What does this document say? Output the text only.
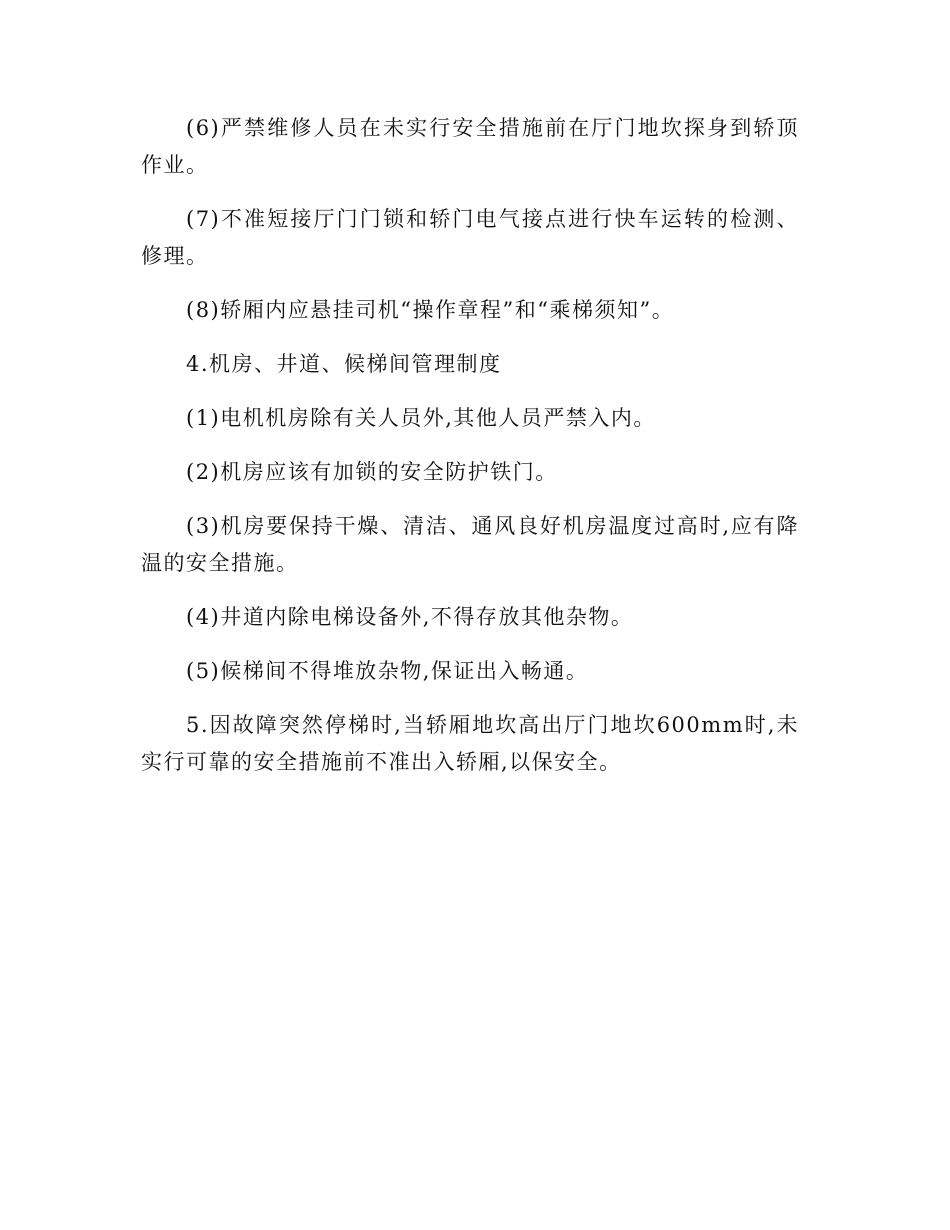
(6)严禁维修人员在未实行安全措施前在厅门地坎探身到轿顶作业。

(7)不准短接厅门门锁和轿门电气接点进行快车运转的检测、修理。

(8)轿厢内应悬挂司机“操作章程”和“乘梯须知”。

4.机房、井道、候梯间管理制度

(1)电机机房除有关人员外,其他人员严禁入内。

(2)机房应该有加锁的安全防护铁门。

(3)机房要保持干燥、清洁、通风良好机房温度过高时,应有降温的安全措施。

(4)井道内除电梯设备外,不得存放其他杂物。

(5)候梯间不得堆放杂物,保证出入畅通。

5.因故障突然停梯时,当轿厢地坎高出厅门地坎600mm时,未实行可靠的安全措施前不准出入轿厢,以保安全。
